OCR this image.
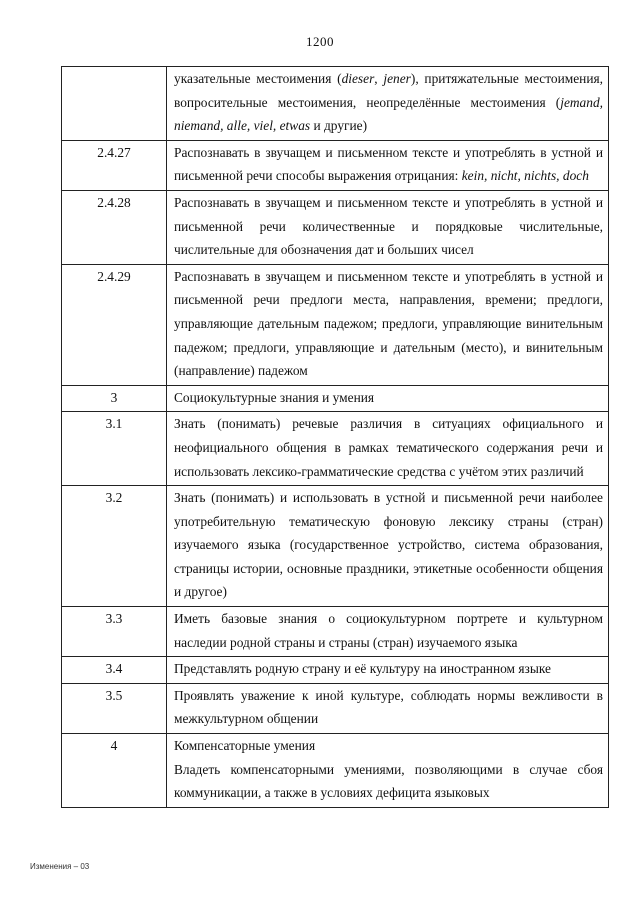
1200
	указательные местоимения (dieser, jener), притяжательные местоимения, вопросительные местоимения, неопределённые местоимения (jemand, niemand, alle, viel, etwas и другие)
2.4.27	Распознавать в звучащем и письменном тексте и употреблять в устной и письменной речи способы выражения отрицания: kein, nicht, nichts, doch
2.4.28	Распознавать в звучащем и письменном тексте и употреблять в устной и письменной речи количественные и порядковые числительные, числительные для обозначения дат и больших чисел
2.4.29	Распознавать в звучащем и письменном тексте и употреблять в устной и письменной речи предлоги места, направления, времени; предлоги, управляющие дательным падежом; предлоги, управляющие винительным падежом; предлоги, управляющие и дательным (место), и винительным (направление) падежом
3	Социокультурные знания и умения
3.1	Знать (понимать) речевые различия в ситуациях официального и неофициального общения в рамках тематического содержания речи и использовать лексико-грамматические средства с учётом этих различий
3.2	Знать (понимать) и использовать в устной и письменной речи наиболее употребительную тематическую фоновую лексику страны (стран) изучаемого языка (государственное устройство, система образования, страницы истории, основные праздники, этикетные особенности общения и другое)
3.3	Иметь базовые знания о социокультурном портрете и культурном наследии родной страны и страны (стран) изучаемого языка
3.4	Представлять родную страну и её культуру на иностранном языке
3.5	Проявлять уважение к иной культуре, соблюдать нормы вежливости в межкультурном общении
4	Компенсаторные умения
Владеть компенсаторными умениями, позволяющими в случае сбоя коммуникации, а также в условиях дефицита языковых
Изменения – 03
